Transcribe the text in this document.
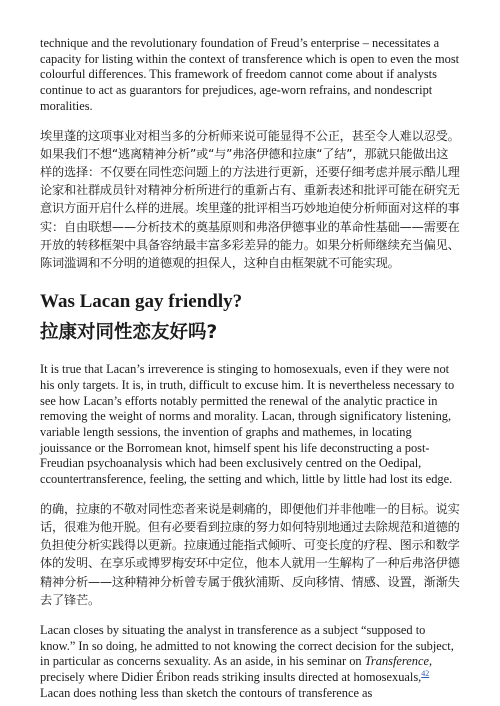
technique and the revolutionary foundation of Freud’s enterprise – necessitates a capacity for listing within the context of transference which is open to even the most colourful differences. This framework of freedom cannot come about if analysts continue to act as guarantors for prejudices, age-worn refrains, and nondescript moralities.

埃里蓬的这项事业对相当多的分析师来说可能显得不公正，甚至令人难以忍受。如果我们不想“逃离精神分析”或“与”弗洛伊德和拉康“了结”，那就只能做出这样的选择：不仅要在同性恋问题上的方法进行更新，还要仔细考虑并展示酷儿理论家和社群成员针对精神分析所进行的重新占有、重新表述和批评可能在研究无意识方面开启什么样的进展。埃里蓬的批评相当巧妙地迫使分析师面对这样的事实：自由联想——分析技术的奠基原则和弗洛伊德事业的革命性基础——需要在开放的转移框架中具备容纳最丰富多彩差异的能力。如果分析师继续充当偏见、陈词滥调和不分明的道德观的担保人，这种自由框架就不可能实现。

Was Lacan gay friendly?
拉康对同性恋友好吗?

It is true that Lacan’s irreverence is stinging to homosexuals, even if they were not his only targets. It is, in truth, difficult to excuse him. It is nevertheless necessary to see how Lacan’s efforts notably permitted the renewal of the analytic practice in removing the weight of norms and morality. Lacan, through significatory listening, variable length sessions, the invention of graphs and mathemes, in locating jouissance or the Borromean knot, himself spent his life deconstructing a post-Freudian psychoanalysis which had been exclusively centred on the Oedipal, ccountertransference, feeling, the setting and which, little by little had lost its edge.

的确，拉康的不敬对同性恋者来说是刺痛的，即便他们并非他唯一的目标。说实话，很难为他开脱。但有必要看到拉康的努力如何特别地通过去除规范和道德的负担使分析实践得以更新。拉康通过能指式倾听、可变长度的疗程、图示和数学体的发明、在享乐或博罗梅安环中定位，他本人就用一生解构了一种后弗洛伊德精神分析——这种精神分析曾专属于俄狄浦斯、反向移情、情感、设置，渐渐失去了锋芒。

Lacan closes by situating the analyst in transference as a subject “supposed to know.” In so doing, he admitted to not knowing the correct decision for the subject, in particular as concerns sexuality. As an aside, in his seminar on Transference, precisely where Didier Éribon reads striking insults directed at homosexuals,$^{42}$ Lacan does nothing less than sketch the contours of transference as
